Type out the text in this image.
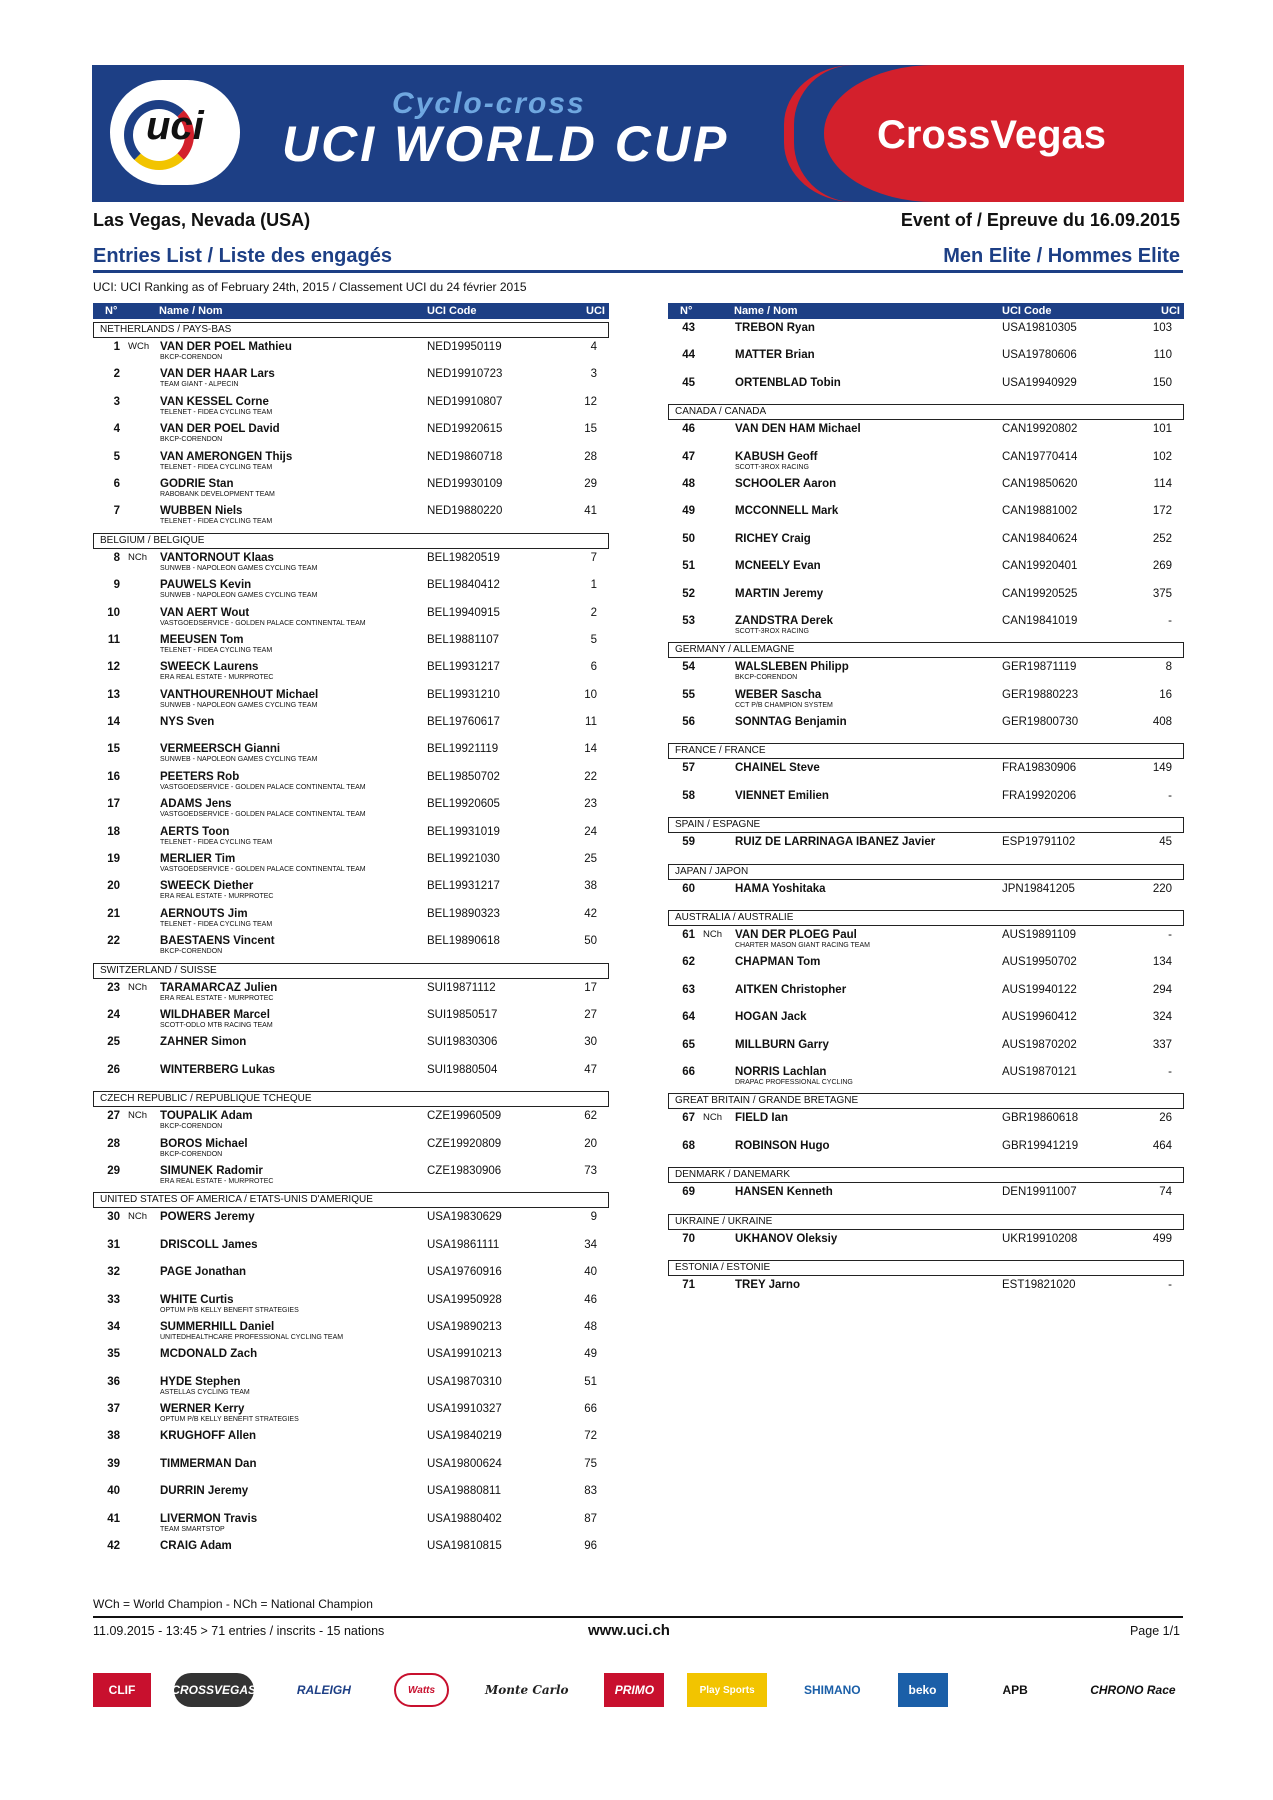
uci
Cyclo-cross
UCI WORLD CUP	CrossVegas
Las Vegas, Nevada (USA)	Event of / Epreuve du 16.09.2015
Entries List / Liste des engagés	Men Elite / Hommes Elite
UCI: UCI Ranking as of February 24th, 2015 / Classement UCI du 24 février 2015
N°	Name / Nom	UCI Code	UCI
NETHERLANDS / PAYS-BAS
1 WCh VAN DER POEL Mathieu
BKCP-CORENDON
NED19950119	4
2	VAN DER HAAR Lars
TEAM GIANT - ALPECIN
NED19910723	3
3	VAN KESSEL Corne
TELENET - FIDEA CYCLING TEAM
NED19910807	12
4	VAN DER POEL David
BKCP-CORENDON
NED19920615	15
5	VAN AMERONGEN Thijs
TELENET - FIDEA CYCLING TEAM
NED19860718	28
6	GODRIE Stan
RABOBANK DEVELOPMENT TEAM
NED19930109	29
7	WUBBEN Niels
TELENET - FIDEA CYCLING TEAM
NED19880220	41
BELGIUM / BELGIQUE
8 NCh VANTORNOUT Klaas
SUNWEB - NAPOLEON GAMES CYCLING TEAM
BEL19820519	7
9	PAUWELS Kevin
SUNWEB - NAPOLEON GAMES CYCLING TEAM
BEL19840412	1
10	VAN AERT Wout
VASTGOEDSERVICE - GOLDEN PALACE CONTINENTAL TEAM
BEL19940915	2
11	MEEUSEN Tom
TELENET - FIDEA CYCLING TEAM
BEL19881107	5
12	SWEECK Laurens
ERA REAL ESTATE - MURPROTEC
BEL19931217	6
13	VANTHOURENHOUT Michael
SUNWEB - NAPOLEON GAMES CYCLING TEAM
BEL19931210	10
14	NYS Sven	BEL19760617	11
15	VERMEERSCH Gianni
SUNWEB - NAPOLEON GAMES CYCLING TEAM
BEL19921119	14
16	PEETERS Rob
VASTGOEDSERVICE - GOLDEN PALACE CONTINENTAL TEAM
BEL19850702	22
17	ADAMS Jens
VASTGOEDSERVICE - GOLDEN PALACE CONTINENTAL TEAM
BEL19920605	23
18	AERTS Toon
TELENET - FIDEA CYCLING TEAM
BEL19931019	24
19	MERLIER Tim
VASTGOEDSERVICE - GOLDEN PALACE CONTINENTAL TEAM
BEL19921030	25
20	SWEECK Diether
ERA REAL ESTATE - MURPROTEC
BEL19931217	38
21	AERNOUTS Jim
TELENET - FIDEA CYCLING TEAM
BEL19890323	42
22	BAESTAENS Vincent
BKCP-CORENDON
BEL19890618	50
SWITZERLAND / SUISSE
23 NCh TARAMARCAZ Julien
ERA REAL ESTATE - MURPROTEC
SUI19871112	17
24	WILDHABER Marcel
SCOTT-ODLO MTB RACING TEAM
SUI19850517	27
25	ZAHNER Simon	SUI19830306	30
26	WINTERBERG Lukas	SUI19880504	47
CZECH REPUBLIC / REPUBLIQUE TCHEQUE
27 NCh TOUPALIK Adam
BKCP-CORENDON
CZE19960509	62
28	BOROS Michael
BKCP-CORENDON
CZE19920809	20
29	SIMUNEK Radomir
ERA REAL ESTATE - MURPROTEC
CZE19830906	73
UNITED STATES OF AMERICA / ETATS-UNIS D'AMERIQUE
30 NCh POWERS Jeremy	USA19830629	9
31	DRISCOLL James	USA19861111	34
32	PAGE Jonathan	USA19760916	40
33	WHITE Curtis
OPTUM P/B KELLY BENEFIT STRATEGIES
USA19950928	46
34	SUMMERHILL Daniel
UNITEDHEALTHCARE PROFESSIONAL CYCLING TEAM
USA19890213	48
35	MCDONALD Zach	USA19910213	49
36	HYDE Stephen
ASTELLAS CYCLING TEAM
USA19870310	51
37	WERNER Kerry
OPTUM P/B KELLY BENEFIT STRATEGIES
USA19910327	66
38	KRUGHOFF Allen	USA19840219	72
39	TIMMERMAN Dan	USA19800624	75
40	DURRIN Jeremy	USA19880811	83
41	LIVERMON Travis
TEAM SMARTSTOP
USA19880402	87
42	CRAIG Adam	USA19810815	96
N°	Name / Nom	UCI Code	UCI
43	TREBON Ryan	USA19810305	103
44	MATTER Brian	USA19780606	110
45	ORTENBLAD Tobin	USA19940929	150
CANADA / CANADA
46	VAN DEN HAM Michael	CAN19920802	101
47	KABUSH Geoff
SCOTT-3ROX RACING
CAN19770414	102
48	SCHOOLER Aaron	CAN19850620	114
49	MCCONNELL Mark	CAN19881002	172
50	RICHEY Craig	CAN19840624	252
51	MCNEELY Evan	CAN19920401	269
52	MARTIN Jeremy	CAN19920525	375
53	ZANDSTRA Derek
SCOTT-3ROX RACING
CAN19841019	-
GERMANY / ALLEMAGNE
54	WALSLEBEN Philipp
BKCP-CORENDON
GER19871119	8
55	WEBER Sascha
CCT P/B CHAMPION SYSTEM
GER19880223	16
56	SONNTAG Benjamin	GER19800730	408
FRANCE / FRANCE
57	CHAINEL Steve	FRA19830906	149
58	VIENNET Emilien	FRA19920206	-
SPAIN / ESPAGNE
59	RUIZ DE LARRINAGA IBANEZ Javier	ESP19791102	45
JAPAN / JAPON
60	HAMA Yoshitaka	JPN19841205	220
AUSTRALIA / AUSTRALIE
61 NCh VAN DER PLOEG Paul
CHARTER MASON GIANT RACING TEAM
AUS19891109	-
62	CHAPMAN Tom	AUS19950702	134
63	AITKEN Christopher	AUS19940122	294
64	HOGAN Jack	AUS19960412	324
65	MILLBURN Garry	AUS19870202	337
66	NORRIS Lachlan
DRAPAC PROFESSIONAL CYCLING
AUS19870121	-
GREAT BRITAIN / GRANDE BRETAGNE
67 NCh FIELD Ian	GBR19860618	26
68	ROBINSON Hugo	GBR19941219	464
DENMARK / DANEMARK
69	HANSEN Kenneth	DEN19911007	74
UKRAINE / UKRAINE
70	UKHANOV Oleksiy	UKR19910208	499
ESTONIA / ESTONIE
71	TREY Jarno	EST19821020	-
WCh = World Champion - NCh = National Champion
11.09.2015 - 13:45 > 71 entries / inscrits - 15 nations	www.uci.ch	Page 1/1
CLIF	CROSSVEGAS	RALEIGH	Watts	Monte Carlo	PRIMO	Play Sports	SHIMANO	beko	APB	CHRONO Race
